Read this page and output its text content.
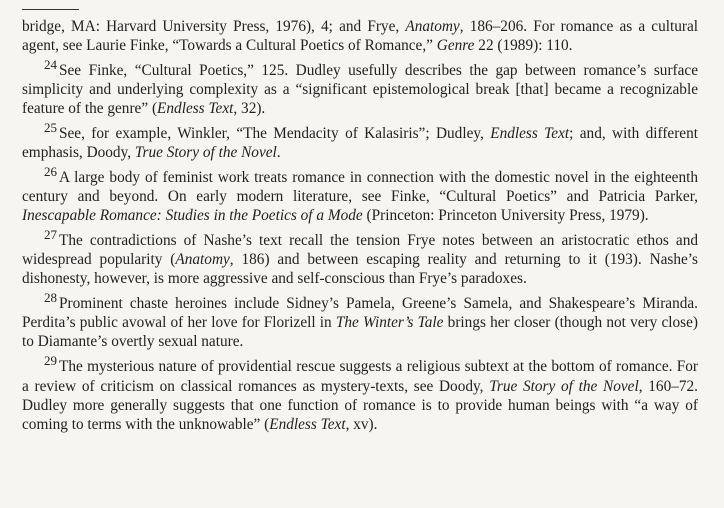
bridge, MA: Harvard University Press, 1976), 4; and Frye, Anatomy, 186–206. For romance as a cultural agent, see Laurie Finke, “Towards a Cultural Poetics of Romance,” Genre 22 (1989): 110.

$^{24}$ See Finke, “Cultural Poetics,” 125. Dudley usefully describes the gap between romance’s surface simplicity and underlying complexity as a “significant epistemological break [that] became a recognizable feature of the genre” (Endless Text, 32).

$^{25}$ See, for example, Winkler, “The Mendacity of Kalasiris”; Dudley, Endless Text; and, with different emphasis, Doody, True Story of the Novel.

$^{26}$ A large body of feminist work treats romance in connection with the domestic novel in the eighteenth century and beyond. On early modern literature, see Finke, “Cultural Poetics” and Patricia Parker, Inescapable Romance: Studies in the Poetics of a Mode (Princeton: Princeton University Press, 1979).

$^{27}$ The contradictions of Nashe’s text recall the tension Frye notes between an aristocratic ethos and widespread popularity (Anatomy, 186) and between escaping reality and returning to it (193). Nashe’s dishonesty, however, is more aggressive and self-conscious than Frye’s paradoxes.

$^{28}$ Prominent chaste heroines include Sidney’s Pamela, Greene’s Samela, and Shakespeare’s Miranda. Perdita’s public avowal of her love for Florizell in The Winter’s Tale brings her closer (though not very close) to Diamante’s overtly sexual nature.

$^{29}$ The mysterious nature of providential rescue suggests a religious subtext at the bottom of romance. For a review of criticism on classical romances as mystery-texts, see Doody, True Story of the Novel, 160–72. Dudley more generally suggests that one function of romance is to provide human beings with “a way of coming to terms with the unknowable” (Endless Text, xv).
